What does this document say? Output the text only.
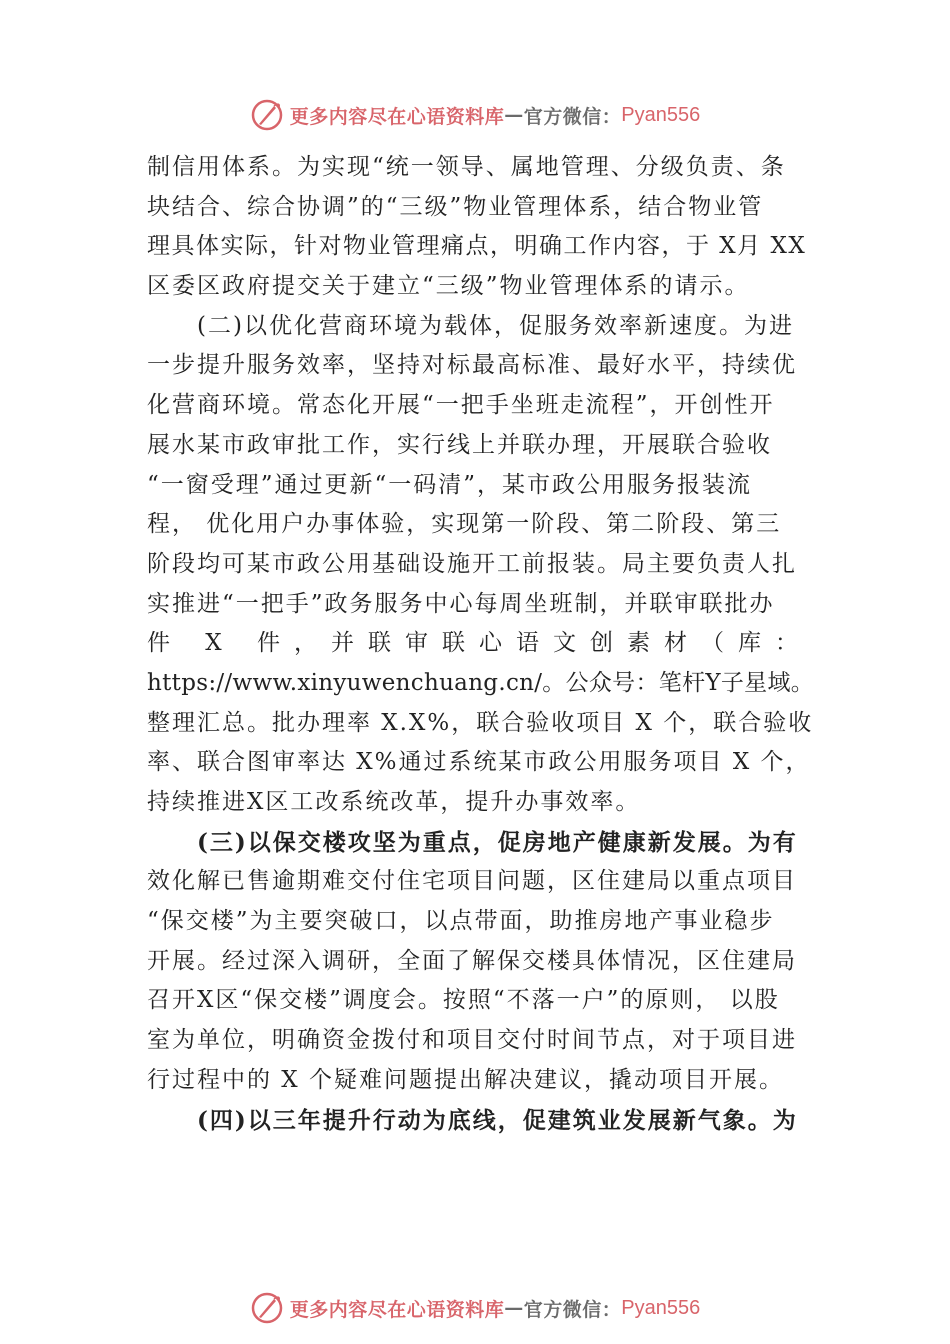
更多内容尽在心语资料库 — 官方微信： Pyan556
制信用体系。为实现“统一领导、属地管理、分级负责、条
块结合、综合协调”的“三级”物业管理体系，结合物业管
理具体实际，针对物业管理痛点，明确工作内容，于 X月 XX
区委区政府提交关于建立“三级”物业管理体系的请示。
(二)以优化营商环境为载体，促服务效率新速度。为进
一步提升服务效率，坚持对标最高标准、最好水平，持续优
化营商环境。常态化开展“一把手坐班走流程”，开创性开
展水某市政审批工作，实行线上并联办理，开展联合验收
“一窗受理”通过更新“一码清”，某市政公用服务报装流
程， 优化用户办事体验，实现第一阶段、第二阶段、第三
阶段均可某市政公用基础设施开工前报装。局主要负责人扎
实推进“一把手”政务服务中心每周坐班制，并联审联批办
件 X 件，并联审联心语文创素材（库：
https://www.xinyuwenchuang.cn/。公众号：笔杆Y子星域。
整理汇总。批办理率 X.X%，联合验收项目 X 个，联合验收
率、联合图审率达 X%通过系统某市政公用服务项目 X 个，
持续推进X区工改系统改革，提升办事效率。
(三)以保交楼攻坚为重点，促房地产健康新发展。为有
效化解已售逾期难交付住宅项目问题，区住建局以重点项目
“保交楼”为主要突破口，以点带面，助推房地产事业稳步
开展。经过深入调研，全面了解保交楼具体情况，区住建局
召开X区“保交楼”调度会。按照“不落一户”的原则， 以股
室为单位，明确资金拨付和项目交付时间节点，对于项目进
行过程中的 X 个疑难问题提出解决建议，撬动项目开展。
(四)以三年提升行动为底线，促建筑业发展新气象。为
更多内容尽在心语资料库 — 官方微信： Pyan556
